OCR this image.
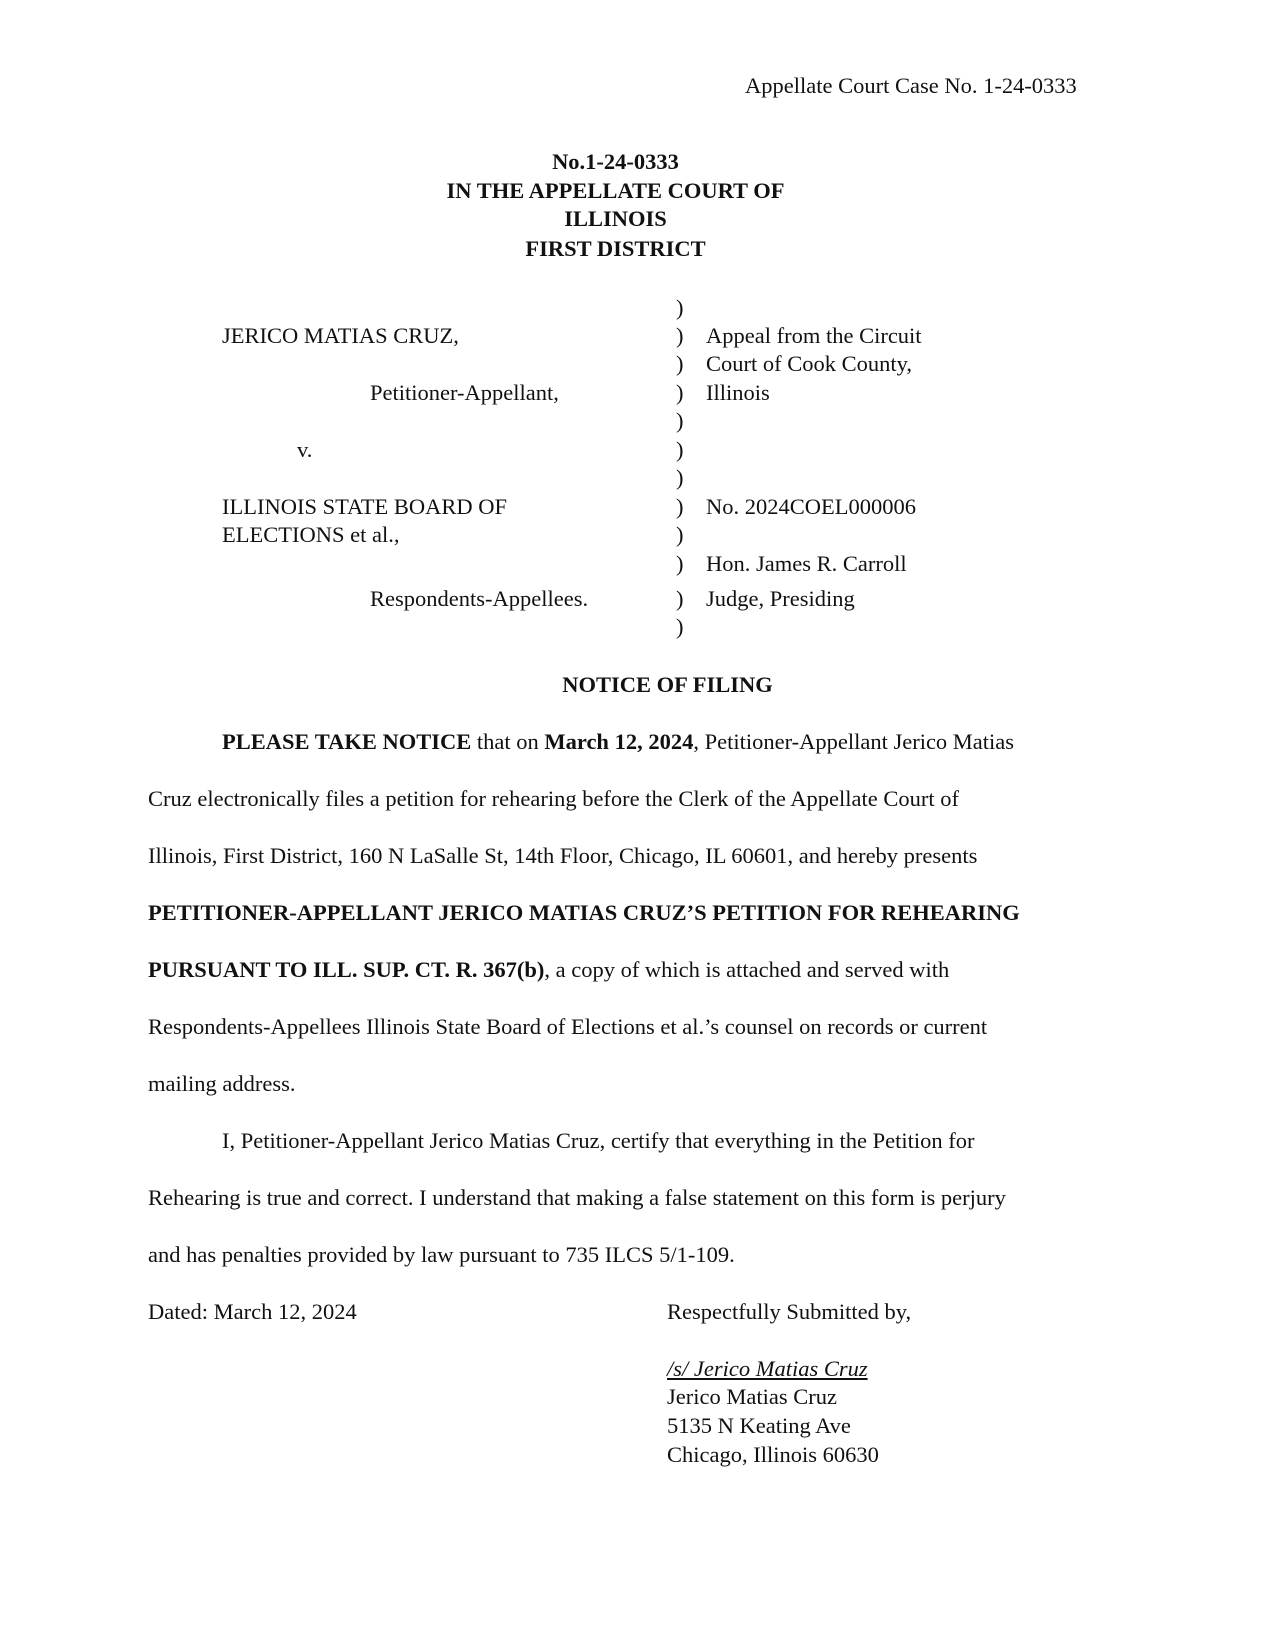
Appellate Court Case No. 1-24-0333
No.1-24-0333
IN THE APPELLATE COURT OF
ILLINOIS
FIRST DISTRICT
JERICO MATIAS CRUZ,
Petitioner-Appellant,
v.
ILLINOIS STATE BOARD OF
ELECTIONS et al.,
Respondents-Appellees.
)
)
)
)
)
)
)
)
)
)
)
)
Appeal from the Circuit
Court of Cook County,
Illinois
No. 2024COEL000006
Hon. James R. Carroll
Judge, Presiding
NOTICE OF FILING
PLEASE TAKE NOTICE that on March 12, 2024, Petitioner-Appellant Jerico Matias
Cruz electronically files a petition for rehearing before the Clerk of the Appellate Court of
Illinois, First District, 160 N LaSalle St, 14th Floor, Chicago, IL 60601, and hereby presents
PETITIONER-APPELLANT JERICO MATIAS CRUZ’S PETITION FOR REHEARING
PURSUANT TO ILL. SUP. CT. R. 367(b), a copy of which is attached and served with
Respondents-Appellees Illinois State Board of Elections et al.’s counsel on records or current
mailing address.
I, Petitioner-Appellant Jerico Matias Cruz, certify that everything in the Petition for
Rehearing is true and correct. I understand that making a false statement on this form is perjury
and has penalties provided by law pursuant to 735 ILCS 5/1-109.
Dated: March 12, 2024	Respectfully Submitted by,
/s/ Jerico Matias Cruz
Jerico Matias Cruz
5135 N Keating Ave
Chicago, Illinois 60630
